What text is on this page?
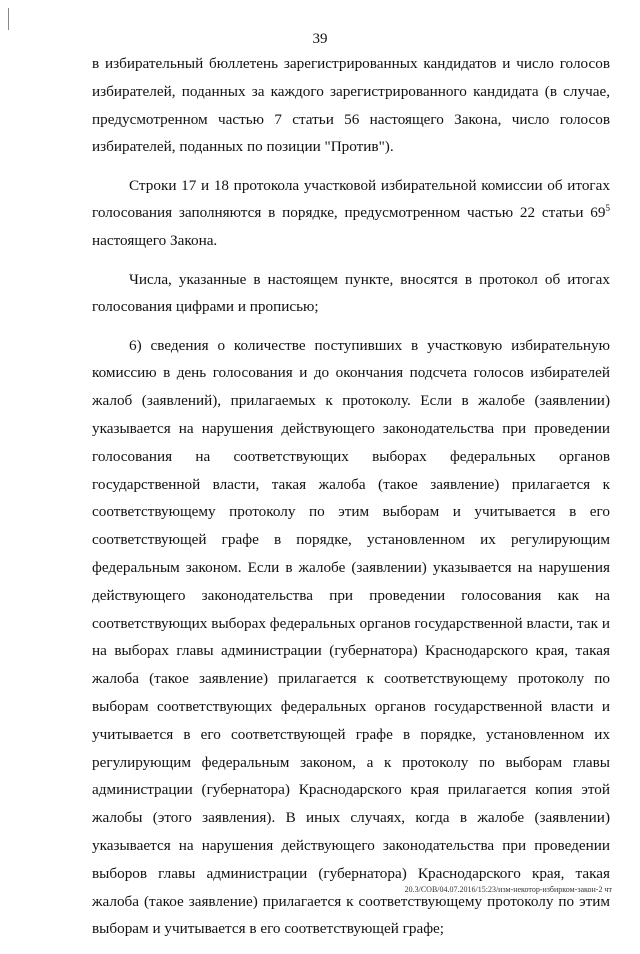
39

в избирательный бюллетень зарегистрированных кандидатов и число голосов избирателей, поданных за каждого зарегистрированного кандидата (в случае, предусмотренном частью 7 статьи 56 настоящего Закона, число голосов избирателей, поданных по позиции "Против").

Строки 17 и 18 протокола участковой избирательной комиссии об итогах голосования заполняются в порядке, предусмотренном частью 22 статьи $69^5$ настоящего Закона.

Числа, указанные в настоящем пункте, вносятся в протокол об итогах голосования цифрами и прописью;

6) сведения о количестве поступивших в участковую избирательную комиссию в день голосования и до окончания подсчета голосов избирателей жалоб (заявлений), прилагаемых к протоколу. Если в жалобе (заявлении) указывается на нарушения действующего законодательства при проведении голосования на соответствующих выборах федеральных органов государственной власти, такая жалоба (такое заявление) прилагается к соответствующему протоколу по этим выборам и учитывается в его соответствующей графе в порядке, установленном их регулирующим федеральным законом. Если в жалобе (заявлении) указывается на нарушения действующего законодательства при проведении голосования как на соответствующих выборах федеральных органов государственной власти, так и на выборах главы администрации (губернатора) Краснодарского края, такая жалоба (такое заявление) прилагается к соответствующему протоколу по выборам соответствующих федеральных органов государственной власти и учитывается в его соответствующей графе в порядке, установленном их регулирующим федеральным законом, а к протоколу по выборам главы администрации (губернатора) Краснодарского края прилагается копия этой жалобы (этого заявления). В иных случаях, когда в жалобе (заявлении) указывается на нарушения действующего законодательства при проведении выборов главы администрации (губернатора) Краснодарского края, такая жалоба (такое заявление) прилагается к соответствующему протоколу по этим выборам и учитывается в его соответствующей графе;

20.3/СОВ/04.07.2016/15:23/изм-некотор-избирком-закон-2 чт
